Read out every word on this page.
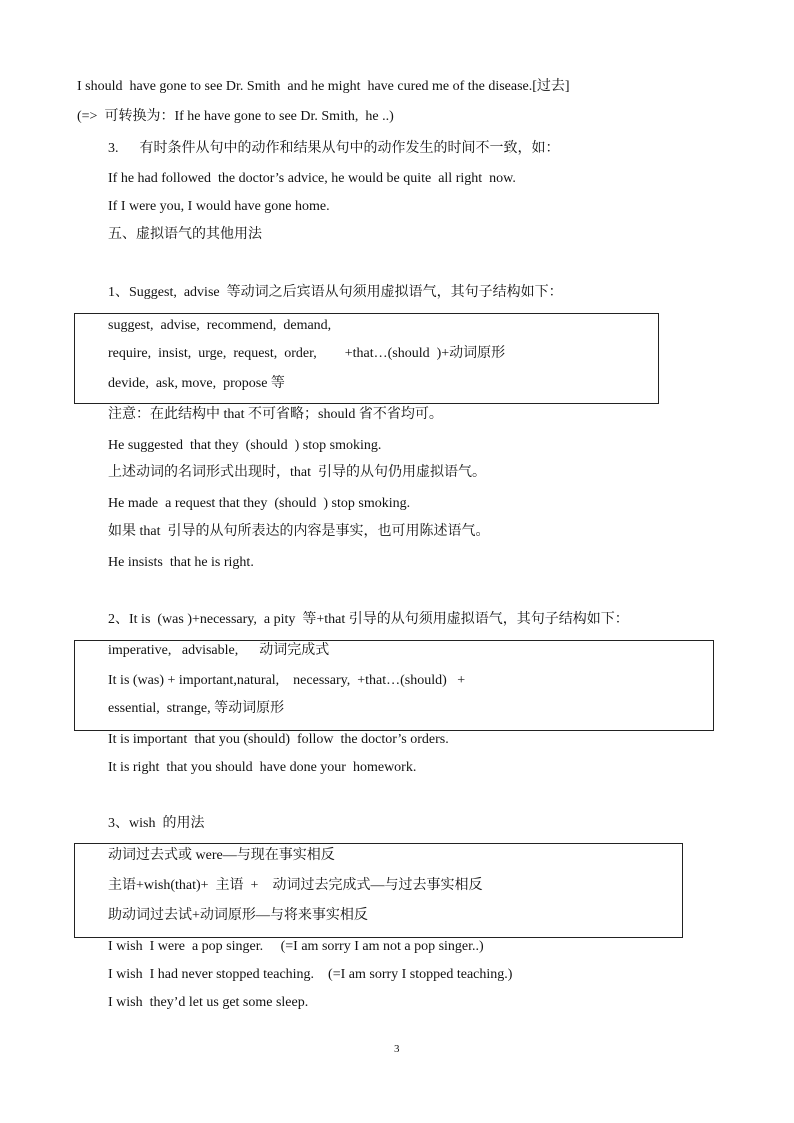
I should  have gone to see Dr. Smith  and he might  have cured me of the disease.[过去]
(=>  可转换为：If he have gone to see Dr. Smith,  he ..)
3.      有时条件从句中的动作和结果从句中的动作发生的时间不一致，如：
If he had followed  the doctor’s advice, he would be quite  all right  now.
If I were you, I would have gone home.
五、虚拟语气的其他用法
1、Suggest,  advise  等动词之后宾语从句须用虚拟语气，其句子结构如下：
suggest,  advise,  recommend,  demand,
require,  insist,  urge,  request,  order,        +that…(should  )+动词原形
devide,  ask, move,  propose 等
注意：在此结构中 that 不可省略；should 省不省均可。
He suggested  that they  (should  ) stop smoking.
上述动词的名词形式出现时，that  引导的从句仍用虚拟语气。
He made  a request that they  (should  ) stop smoking.
如果 that  引导的从句所表达的内容是事实，也可用陈述语气。
He insists  that he is right.
2、It is  (was )+necessary,  a pity  等+that 引导的从句须用虚拟语气，其句子结构如下：
imperative,   advisable,      动词完成式
It is (was) + important,natural,    necessary,  +that…(should)   +
essential,  strange, 等动词原形
It is important  that you (should)  follow  the doctor’s orders.
It is right  that you should  have done your  homework.
3、wish  的用法
动词过去式或 were—与现在事实相反
主语+wish(that)+  主语  +    动词过去完成式—与过去事实相反
助动词过去试+动词原形—与将来事实相反
I wish  I were  a pop singer.     (=I am sorry I am not a pop singer..)
I wish  I had never stopped teaching.    (=I am sorry I stopped teaching.)
I wish  they’d let us get some sleep.
3
